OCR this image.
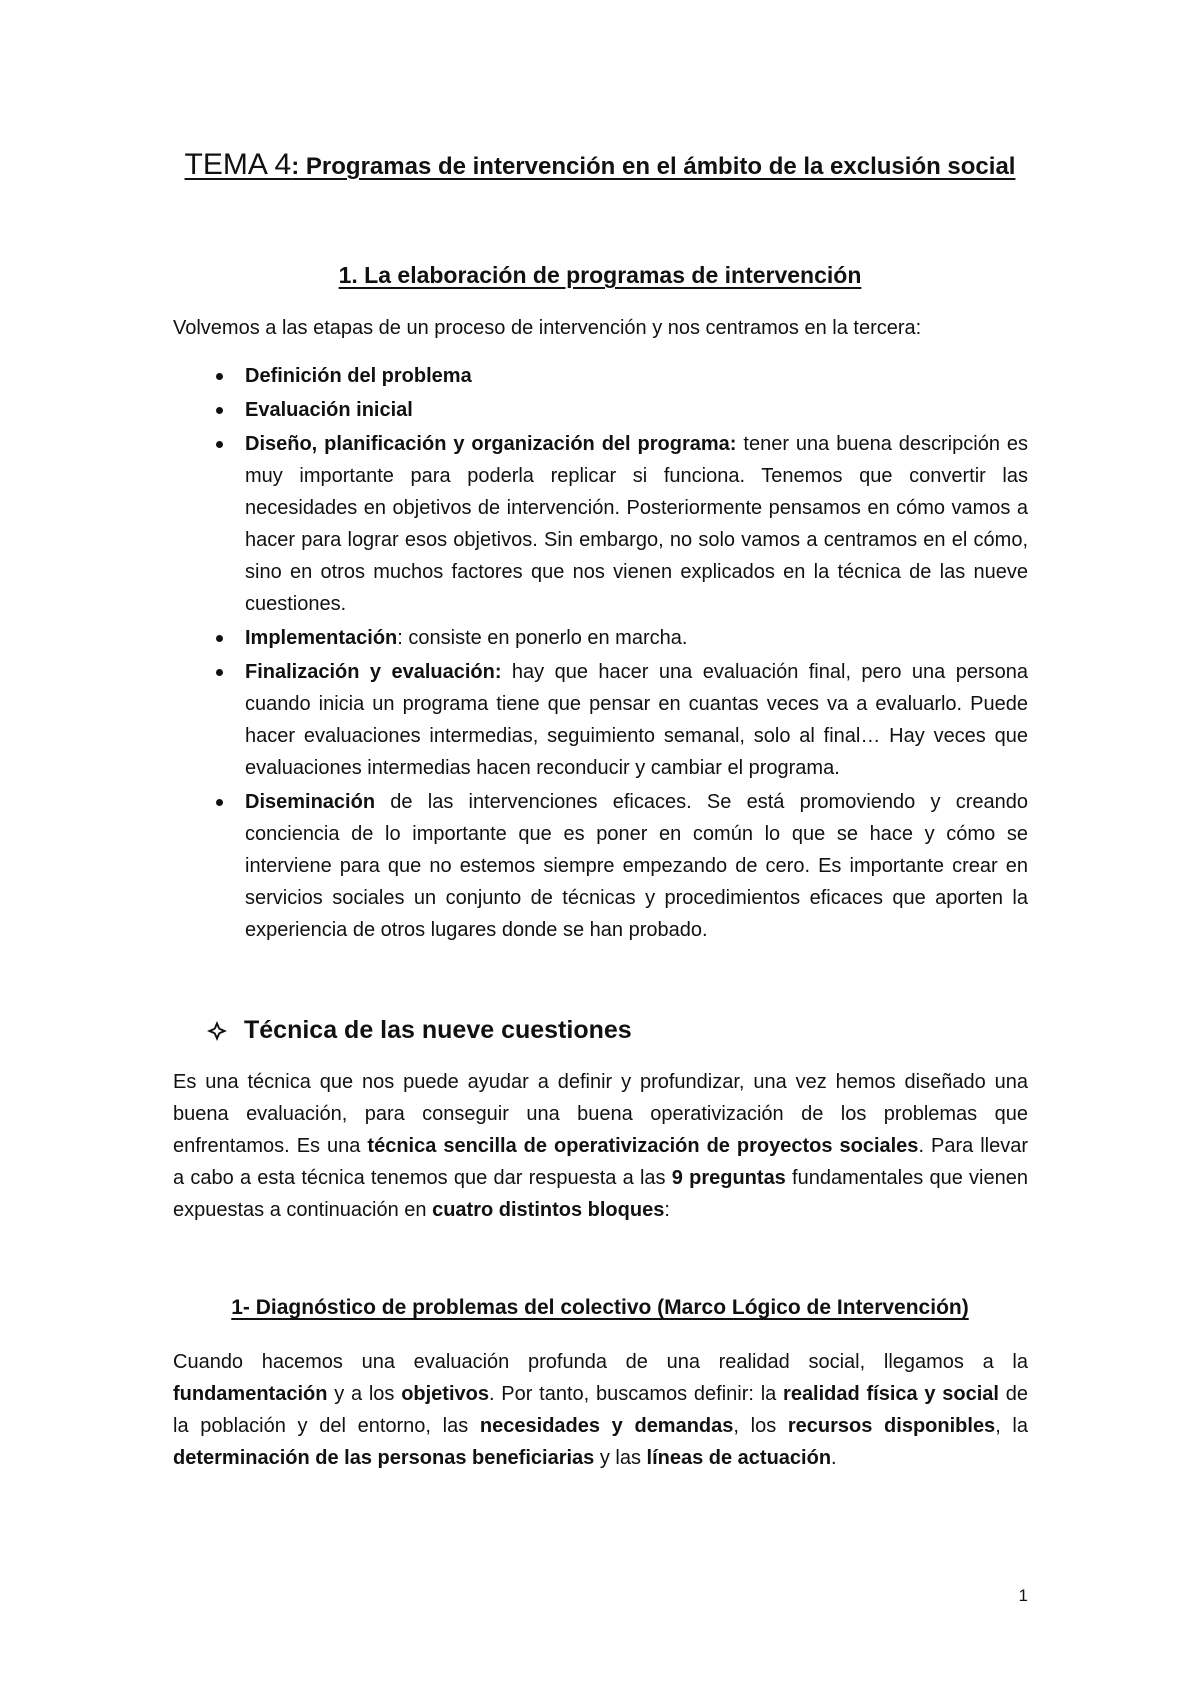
TEMA 4: Programas de intervención en el ámbito de la exclusión social
1. La elaboración de programas de intervención
Volvemos a las etapas de un proceso de intervención y nos centramos en la tercera:
Definición del problema
Evaluación inicial
Diseño, planificación y organización del programa: tener una buena descripción es muy importante para poderla replicar si funciona. Tenemos que convertir las necesidades en objetivos de intervención. Posteriormente pensamos en cómo vamos a hacer para lograr esos objetivos. Sin embargo, no solo vamos a centramos en el cómo, sino en otros muchos factores que nos vienen explicados en la técnica de las nueve cuestiones.
Implementación: consiste en ponerlo en marcha.
Finalización y evaluación: hay que hacer una evaluación final, pero una persona cuando inicia un programa tiene que pensar en cuantas veces va a evaluarlo. Puede hacer evaluaciones intermedias, seguimiento semanal, solo al final… Hay veces que evaluaciones intermedias hacen reconducir y cambiar el programa.
Diseminación de las intervenciones eficaces. Se está promoviendo y creando conciencia de lo importante que es poner en común lo que se hace y cómo se interviene para que no estemos siempre empezando de cero. Es importante crear en servicios sociales un conjunto de técnicas y procedimientos eficaces que aporten la experiencia de otros lugares donde se han probado.
Técnica de las nueve cuestiones
Es una técnica que nos puede ayudar a definir y profundizar, una vez hemos diseñado una buena evaluación, para conseguir una buena operativización de los problemas que enfrentamos. Es una técnica sencilla de operativización de proyectos sociales. Para llevar a cabo a esta técnica tenemos que dar respuesta a las 9 preguntas fundamentales que vienen expuestas a continuación en cuatro distintos bloques:
1- Diagnóstico de problemas del colectivo (Marco Lógico de Intervención)
Cuando hacemos una evaluación profunda de una realidad social, llegamos a la fundamentación y a los objetivos. Por tanto, buscamos definir: la realidad física y social de la población y del entorno, las necesidades y demandas, los recursos disponibles, la determinación de las personas beneficiarias y las líneas de actuación.
1
